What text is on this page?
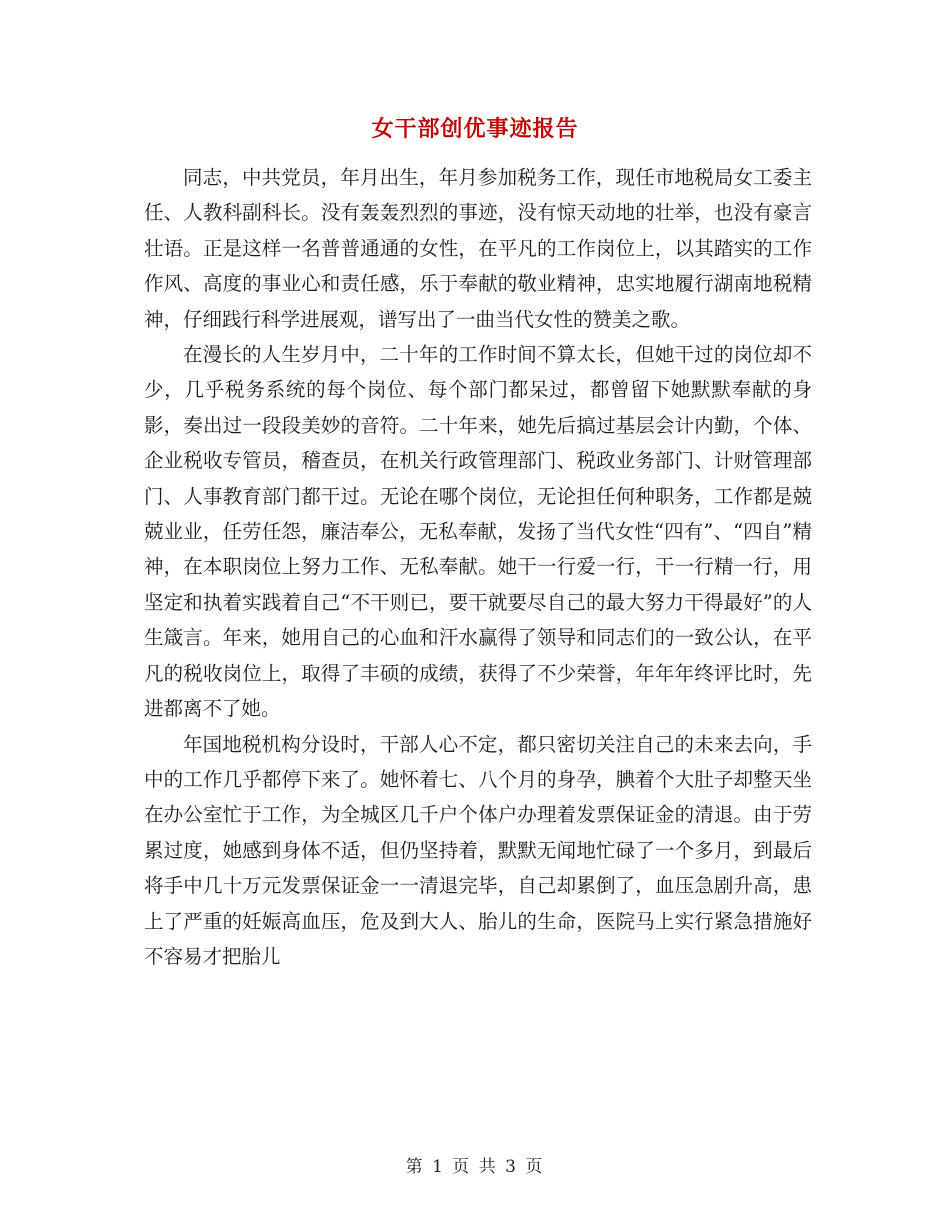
女干部创优事迹报告

同志，中共党员，年月出生，年月参加税务工作，现任市地税局女工委主任、人教科副科长。没有轰轰烈烈的事迹，没有惊天动地的壮举，也没有豪言壮语。正是这样一名普普通通的女性，在平凡的工作岗位上，以其踏实的工作作风、高度的事业心和责任感，乐于奉献的敬业精神，忠实地履行湖南地税精神，仔细践行科学进展观，谱写出了一曲当代女性的赞美之歌。

在漫长的人生岁月中，二十年的工作时间不算太长，但她干过的岗位却不少，几乎税务系统的每个岗位、每个部门都呆过，都曾留下她默默奉献的身影，奏出过一段段美妙的音符。二十年来，她先后搞过基层会计内勤，个体、企业税收专管员，稽查员，在机关行政管理部门、税政业务部门、计财管理部门、人事教育部门都干过。无论在哪个岗位，无论担任何种职务，工作都是兢兢业业，任劳任怨，廉洁奉公，无私奉献，发扬了当代女性“四有”、“四自”精神，在本职岗位上努力工作、无私奉献。她干一行爱一行，干一行精一行，用坚定和执着实践着自己“不干则已，要干就要尽自己的最大努力干得最好”的人生箴言。年来，她用自己的心血和汗水赢得了领导和同志们的一致公认，在平凡的税收岗位上，取得了丰硕的成绩，获得了不少荣誉，年年年终评比时，先进都离不了她。

年国地税机构分设时，干部人心不定，都只密切关注自己的未来去向，手中的工作几乎都停下来了。她怀着七、八个月的身孕，腆着个大肚子却整天坐在办公室忙于工作，为全城区几千户个体户办理着发票保证金的清退。由于劳累过度，她感到身体不适，但仍坚持着，默默无闻地忙碌了一个多月，到最后将手中几十万元发票保证金一一清退完毕，自己却累倒了，血压急剧升高，患上了严重的妊娠高血压，危及到大人、胎儿的生命，医院马上实行紧急措施好不容易才把胎儿

第 1 页 共 3 页
